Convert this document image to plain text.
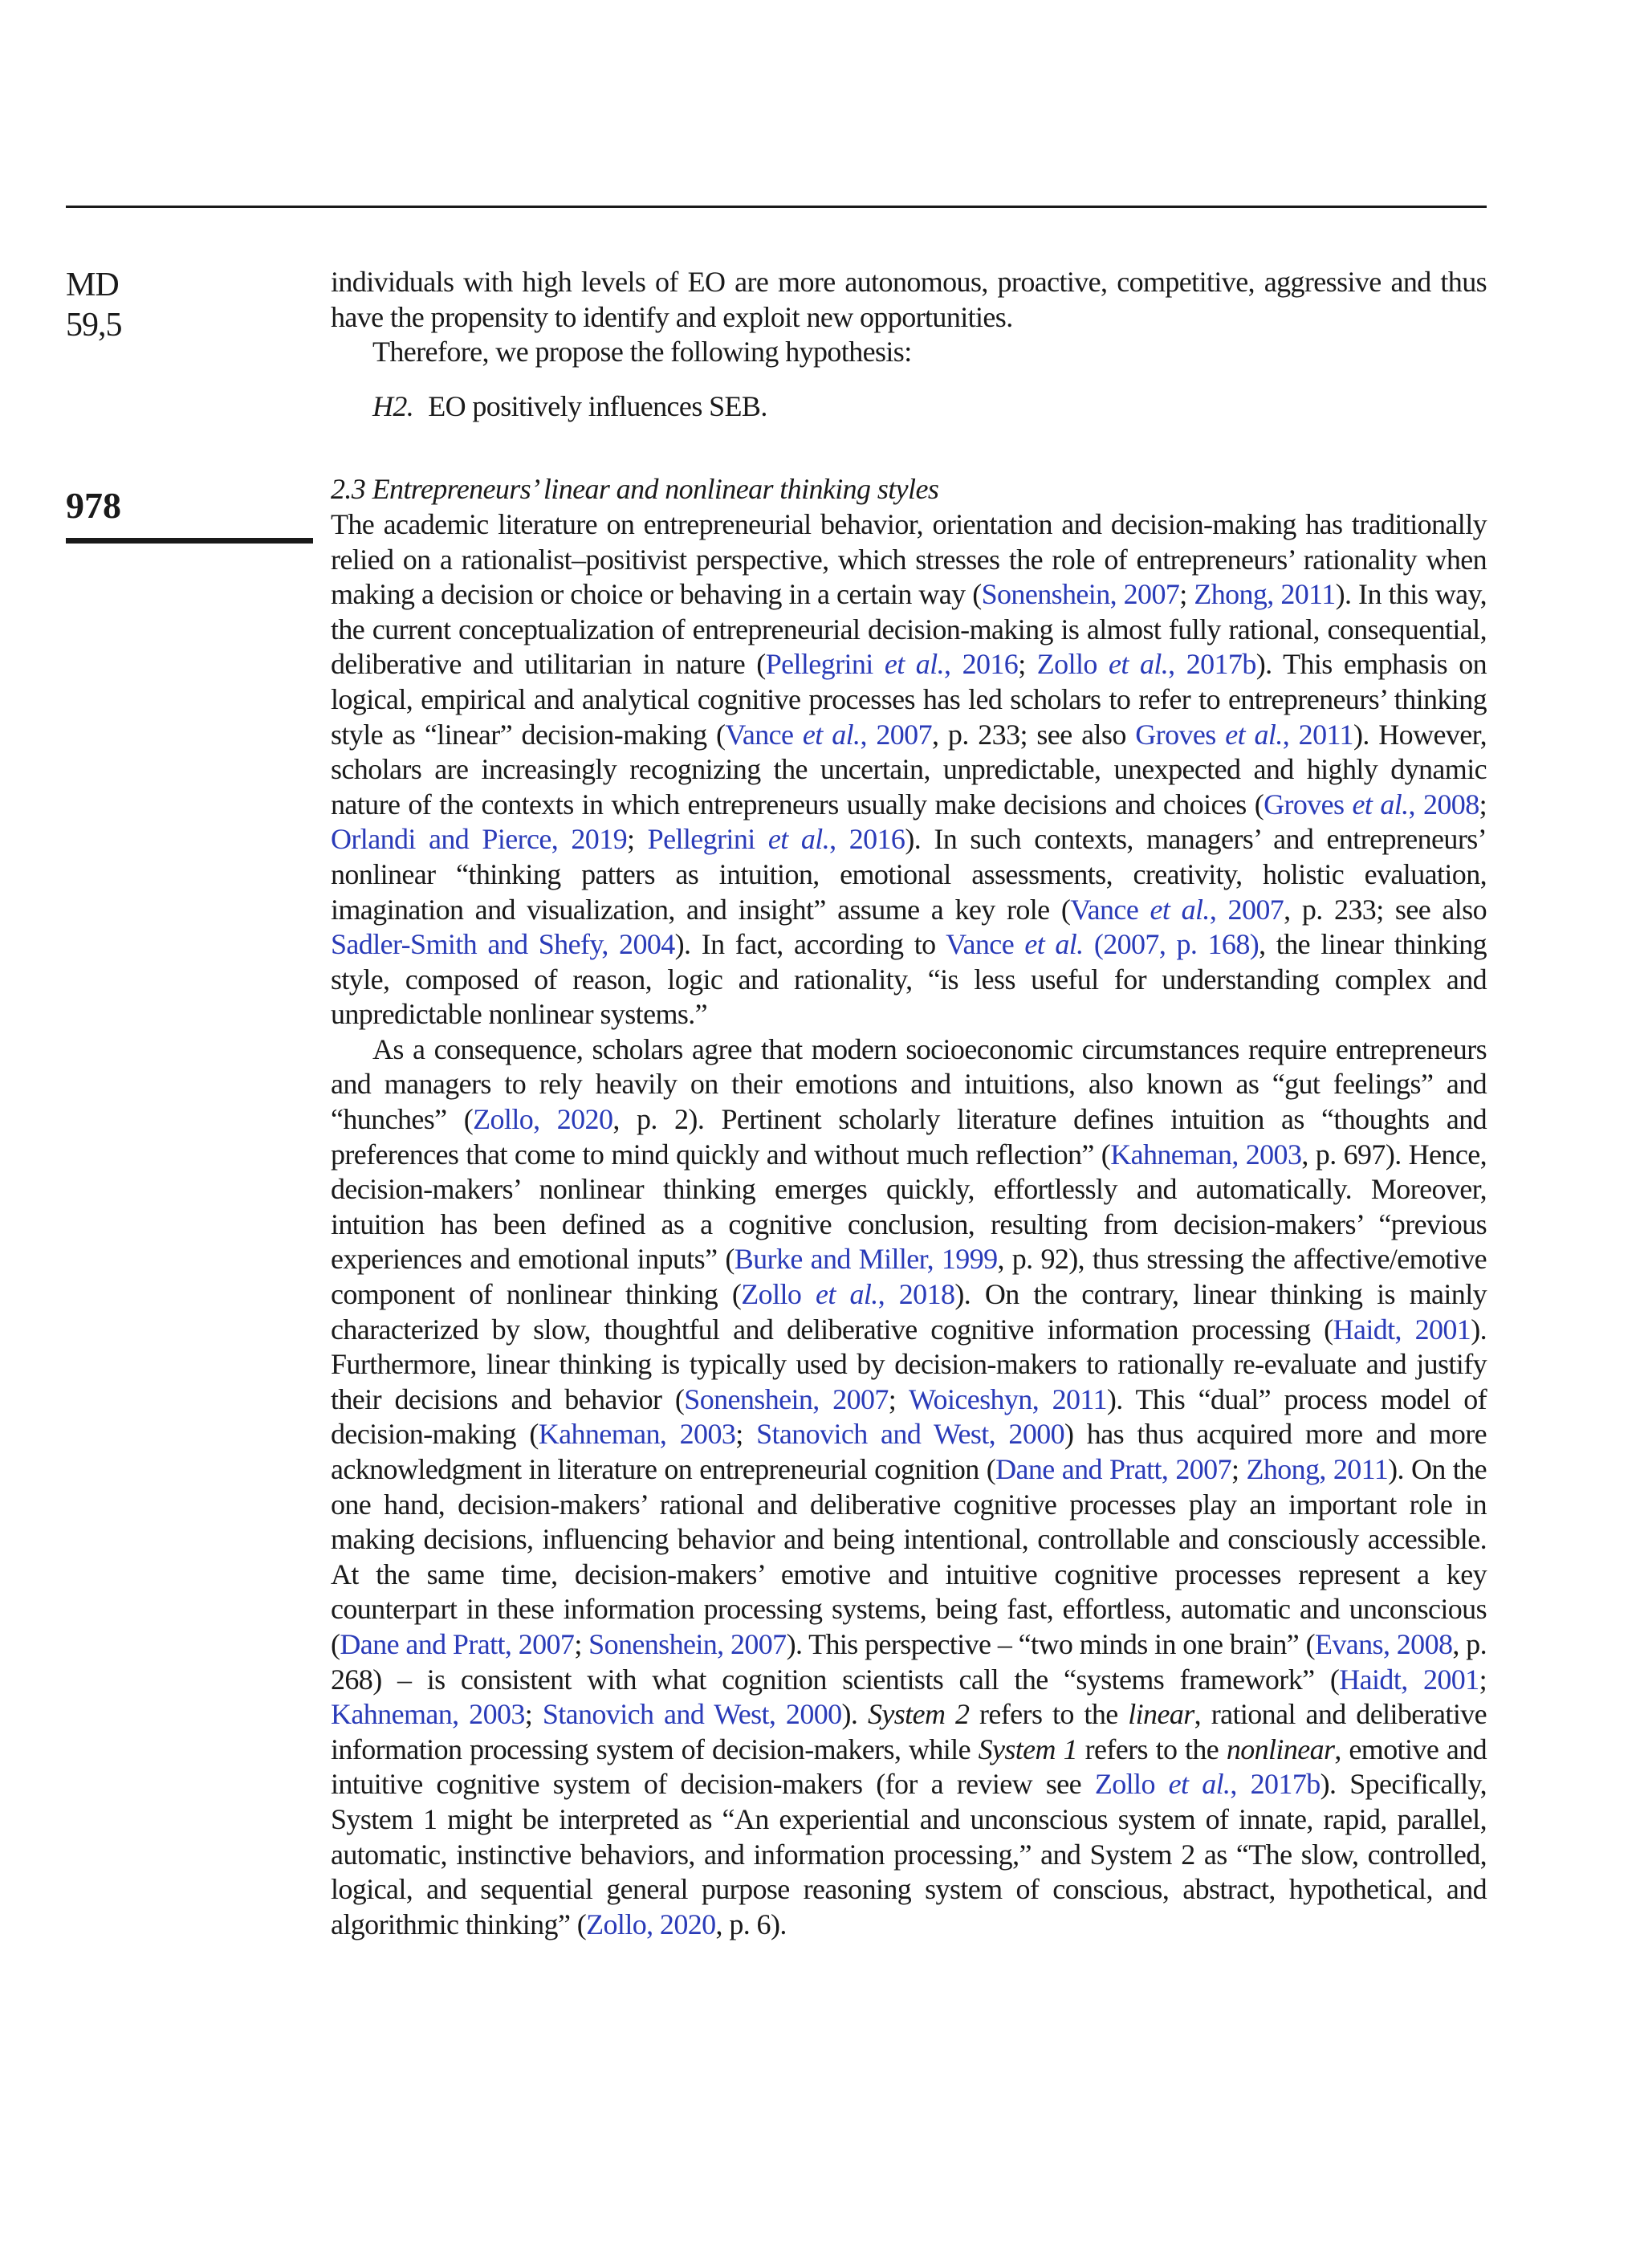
MD
59,5
978

individuals with high levels of EO are more autonomous, proactive, competitive, aggressive and thus have the propensity to identify and exploit new opportunities.

Therefore, we propose the following hypothesis:

H2. EO positively influences SEB.
2.3 Entrepreneurs’ linear and nonlinear thinking styles

The academic literature on entrepreneurial behavior, orientation and decision-making has traditionally relied on a rationalist–positivist perspective, which stresses the role of entrepreneurs’ rationality when making a decision or choice or behaving in a certain way (Sonenshein, 2007; Zhong, 2011). In this way, the current conceptualization of entrepreneurial decision-making is almost fully rational, consequential, deliberative and utilitarian in nature (Pellegrini et al., 2016; Zollo et al., 2017b). This emphasis on logical, empirical and analytical cognitive processes has led scholars to refer to entrepreneurs’ thinking style as “linear” decision-making (Vance et al., 2007, p. 233; see also Groves et al., 2011). However, scholars are increasingly recognizing the uncertain, unpredictable, unexpected and highly dynamic nature of the contexts in which entrepreneurs usually make decisions and choices (Groves et al., 2008; Orlandi and Pierce, 2019; Pellegrini et al., 2016). In such contexts, managers’ and entrepreneurs’ nonlinear “thinking patters as intuition, emotional assessments, creativity, holistic evaluation, imagination and visualization, and insight” assume a key role (Vance et al., 2007, p. 233; see also Sadler-Smith and Shefy, 2004). In fact, according to Vance et al. (2007, p. 168), the linear thinking style, composed of reason, logic and rationality, “is less useful for understanding complex and unpredictable nonlinear systems.”

As a consequence, scholars agree that modern socioeconomic circumstances require entrepreneurs and managers to rely heavily on their emotions and intuitions, also known as “gut feelings” and “hunches” (Zollo, 2020, p. 2). Pertinent scholarly literature defines intuition as “thoughts and preferences that come to mind quickly and without much reflection” (Kahneman, 2003, p. 697). Hence, decision-makers’ nonlinear thinking emerges quickly, effortlessly and automatically. Moreover, intuition has been defined as a cognitive conclusion, resulting from decision-makers’ “previous experiences and emotional inputs” (Burke and Miller, 1999, p. 92), thus stressing the affective/emotive component of nonlinear thinking (Zollo et al., 2018). On the contrary, linear thinking is mainly characterized by slow, thoughtful and deliberative cognitive information processing (Haidt, 2001). Furthermore, linear thinking is typically used by decision-makers to rationally re-evaluate and justify their decisions and behavior (Sonenshein, 2007; Woiceshyn, 2011). This “dual” process model of decision-making (Kahneman, 2003; Stanovich and West, 2000) has thus acquired more and more acknowledgment in literature on entrepreneurial cognition (Dane and Pratt, 2007; Zhong, 2011). On the one hand, decision-makers’ rational and deliberative cognitive processes play an important role in making decisions, influencing behavior and being intentional, controllable and consciously accessible. At the same time, decision-makers’ emotive and intuitive cognitive processes represent a key counterpart in these information processing systems, being fast, effortless, automatic and unconscious (Dane and Pratt, 2007; Sonenshein, 2007). This perspective – “two minds in one brain” (Evans, 2008, p. 268) – is consistent with what cognition scientists call the “systems framework” (Haidt, 2001; Kahneman, 2003; Stanovich and West, 2000). System 2 refers to the linear, rational and deliberative information processing system of decision-makers, while System 1 refers to the nonlinear, emotive and intuitive cognitive system of decision-makers (for a review see Zollo et al., 2017b). Specifically, System 1 might be interpreted as “An experiential and unconscious system of innate, rapid, parallel, automatic, instinctive behaviors, and information processing,” and System 2 as “The slow, controlled, logical, and sequential general purpose reasoning system of conscious, abstract, hypothetical, and algorithmic thinking” (Zollo, 2020, p. 6).
